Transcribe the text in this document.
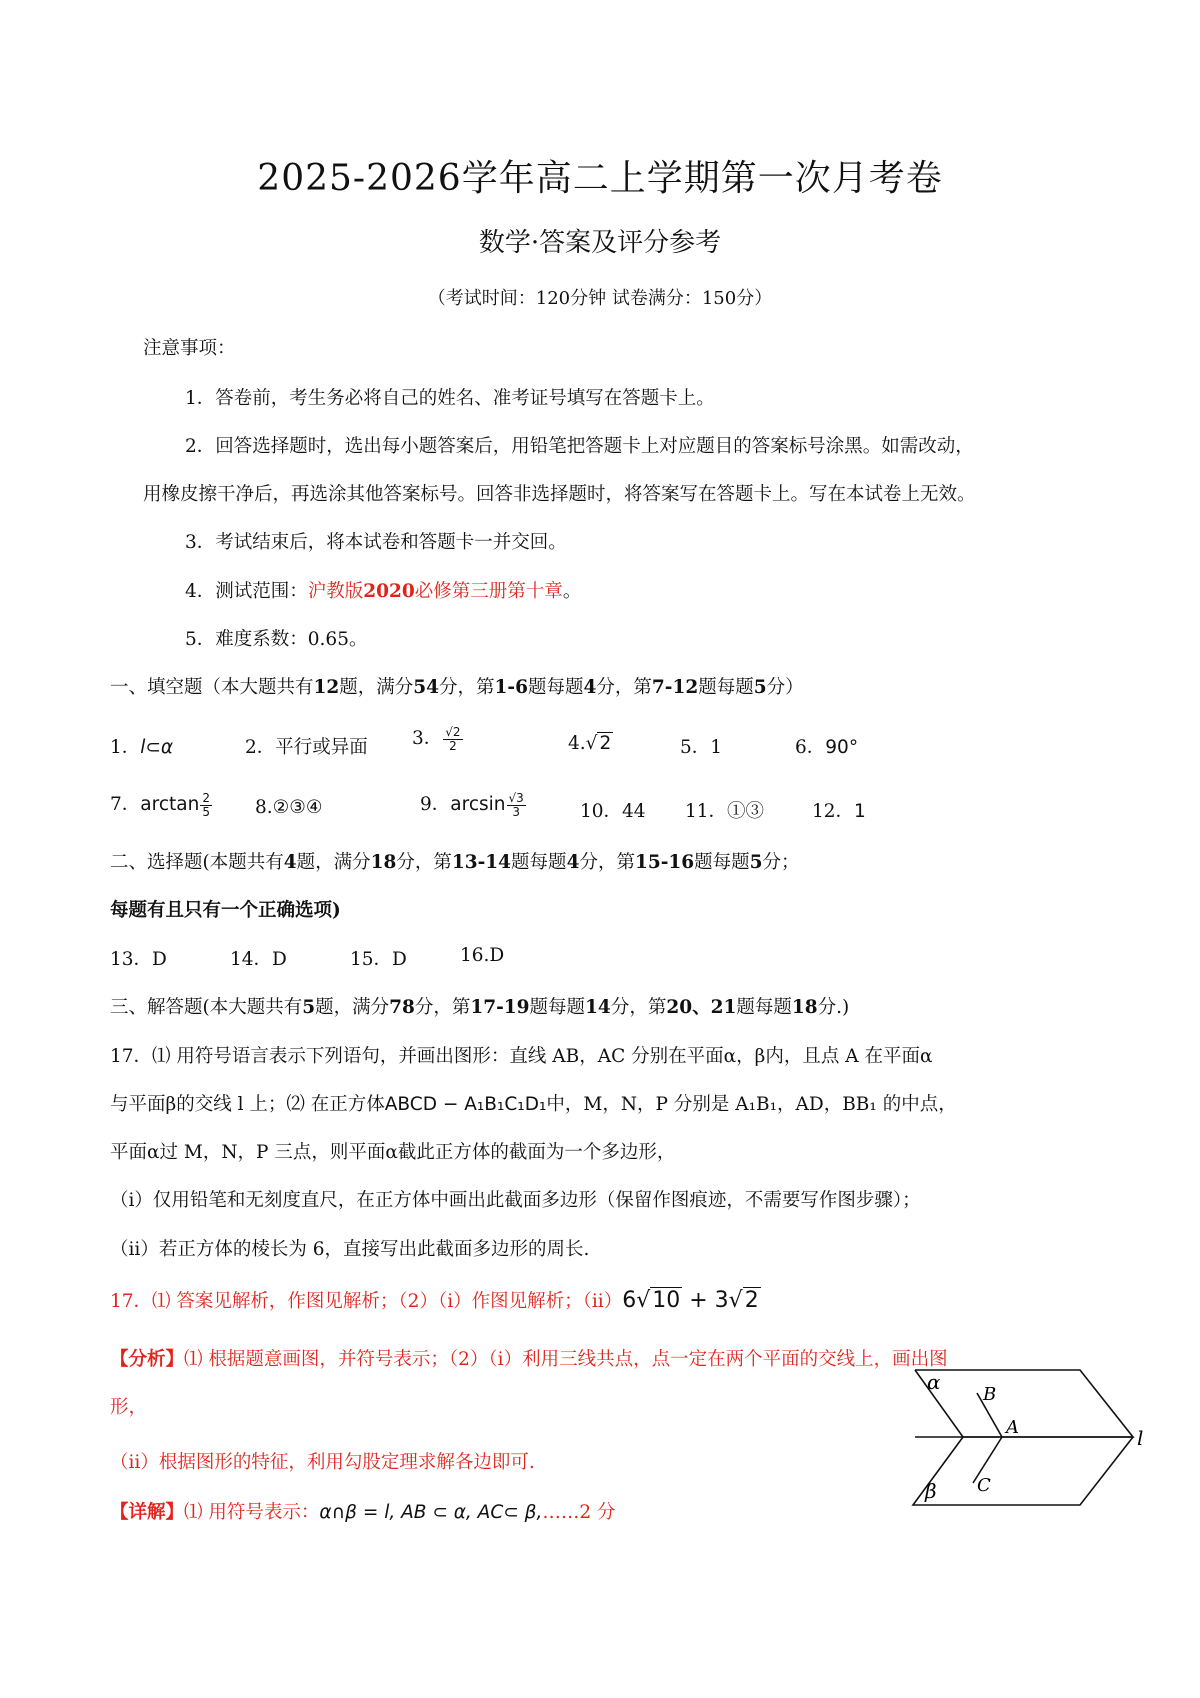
2025-2026学年高二上学期第一次月考卷
数学·答案及评分参考
（考试时间：120分钟 试卷满分：150分）
注意事项：
1．答卷前，考生务必将自己的姓名、准考证号填写在答题卡上。
2．回答选择题时，选出每小题答案后，用铅笔把答题卡上对应题目的答案标号涂黑。如需改动，
用橡皮擦干净后，再选涂其他答案标号。回答非选择题时，将答案写在答题卡上。写在本试卷上无效。
3．考试结束后，将本试卷和答题卡一并交回。
4．测试范围：沪教版2020必修第三册第十章。
5．难度系数：0.65。
一、填空题（本大题共有12题，满分54分，第1-6题每题4分，第7-12题每题5分）
1．l⊂α	2．平行或异面 3． $\frac{√2}{2}$	4.√ 2	5．1	6．90°
7．$\arctan \frac{2}{5}$ 8.②③④	9．$\arcsin \frac{√3}{3}$	10．44 11．①③	12．1
二、选择题(本题共有4题，满分18分，第13-14题每题4分，第15-16题每题5分；
每题有且只有一个正确选项)
13．D	14．D	15．D	16.D
三、解答题(本大题共有5题，满分78分，第17-19题每题14分，第20、21题每题18分.)
17．⑴ 用符号语言表示下列语句，并画出图形：直线 AB，AC 分别在平面α，β内，且点 A 在平面α
与平面β的交线 l 上；⑵ 在正方体ABCD − A₁B₁C₁D₁中，M，N，P 分别是 A₁B₁，AD，BB₁ 的中点，
平面α过 M，N，P 三点，则平面α截此正方体的截面为一个多边形，
（ⅰ）仅用铅笔和无刻度直尺，在正方体中画出此截面多边形（保留作图痕迹，不需要写作图步骤）；
（ⅱ）若正方体的棱长为 6，直接写出此截面多边形的周长.
17．⑴ 答案见解析，作图见解析；（2）（ⅰ）作图见解析；（ⅱ）6√10 + 3√2
【分析】⑴ 根据题意画图，并符号表示；（2）（ⅰ）利用三线共点，点一定在两个平面的交线上，画出图
形，
（ⅱ）根据图形的特征，利用勾股定理求解各边即可.
【详解】⑴ 用符号表示：α∩β = l, AB ⊂ α, AC⊂ β,……2 分
α
β
B
A
C
l
